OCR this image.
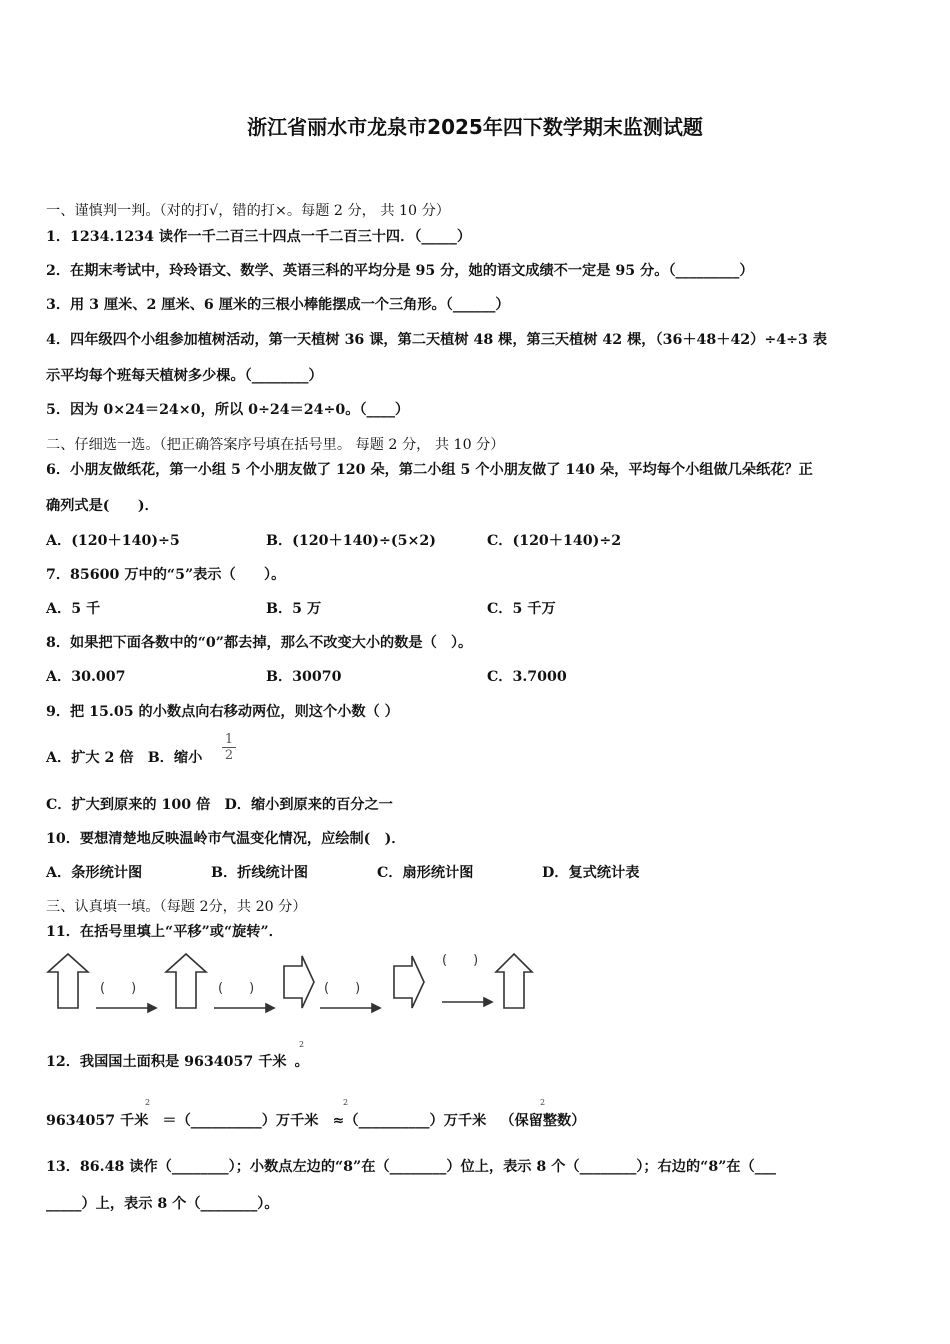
浙江省丽水市龙泉市2025年四下数学期末监测试题
一、谨慎判一判。（对的打√，错的打×。每题 2 分， 共 10 分）
1．1234.1234 读作一千二百三十四点一千二百三十四．（_____）
2．在期末考试中，玲玲语文、数学、英语三科的平均分是 95 分，她的语文成绩不一定是 95 分。（_________）
3．用 3 厘米、2 厘米、6 厘米的三根小棒能摆成一个三角形。（______）
4．四年级四个小组参加植树活动，第一天植树 36 课，第二天植树 48 棵，第三天植树 42 棵，（36＋48＋42）÷4÷3 表
示平均每个班每天植树多少棵。（________）
5．因为 0×24＝24×0，所以 0÷24＝24÷0。（____）
二、仔细选一选。（把正确答案序号填在括号里。 每题 2 分， 共 10 分）
6．小朋友做纸花，第一小组 5 个小朋友做了 120 朵，第二小组 5 个小朋友做了 140 朵，平均每个小组做几朵纸花？正
确列式是(　　)．
A．(120＋140)÷5	B．(120＋140)÷(5×2)	C．(120＋140)÷2
7．85600 万中的“5”表示（　　）。
A．5 千	B．5 万	C．5 千万
8．如果把下面各数中的“0”都去掉，那么不改变大小的数是（　）。
A．30.007	B．30070	C．3.7000
9．把 15.05 的小数点向右移动两位，则这个小数（ ）
A．扩大 2 倍　B．缩小
1
2
C．扩大到原来的 100 倍　D．缩小到原来的百分之一
10．要想清楚地反映温岭市气温变化情况，应绘制(　)．
A．条形统计图	B．折线统计图	C．扇形统计图	D．复式统计表
三、认真填一填。（每题 2分，共 20 分）
11．在括号里填上“平移”或“旋转”．
(　　)	(　　)	(　　)
(　　)
12．我国国土面积是 9634057 千米 。
2
9634057 千米 ＝（__________）万千米 ≈（__________）万千米 （保留整数）
2	2	2
13．86.48 读作（________）；小数点左边的“8”在（________）位上，表示 8 个（________）；右边的“8”在（___
_____）上，表示 8 个（________）。
